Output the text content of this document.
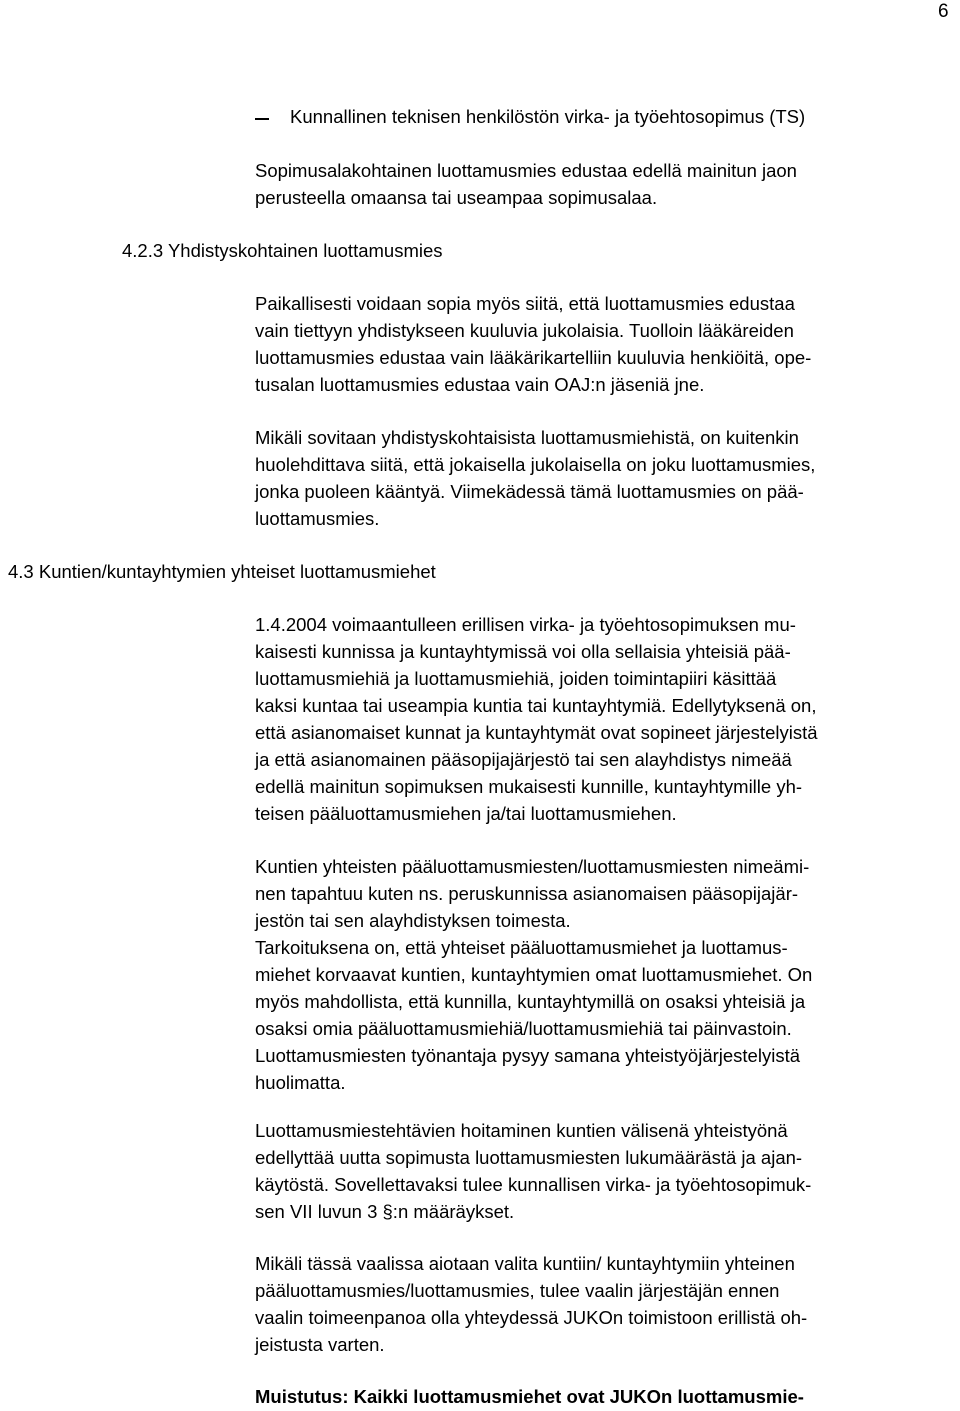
6

Kunnallinen teknisen henkilöstön virka- ja työehtosopimus (TS)

Sopimusalakohtainen luottamusmies edustaa edellä mainitun jaon

perusteella omaansa tai useampaa sopimusalaa.

4.2.3 Yhdistyskohtainen luottamusmies

Paikallisesti voidaan sopia myös siitä, että luottamusmies edustaa

vain tiettyyn yhdistykseen kuuluvia jukolaisia. Tuolloin lääkäreiden

luottamusmies edustaa vain lääkärikartelliin kuuluvia henkiöitä, ope-

tusalan luottamusmies edustaa vain OAJ:n jäseniä jne.

Mikäli sovitaan yhdistyskohtaisista luottamusmiehistä, on kuitenkin

huolehdittava siitä, että jokaisella jukolaisella on joku luottamusmies,

jonka puoleen kääntyä. Viimekädessä tämä luottamusmies on pää-

luottamusmies.

4.3 Kuntien/kuntayhtymien yhteiset luottamusmiehet

1.4.2004 voimaantulleen erillisen virka- ja työehtosopimuksen mu-

kaisesti kunnissa ja kuntayhtymissä voi olla sellaisia yhteisiä pää-

luottamusmiehiä ja luottamusmiehiä, joiden toimintapiiri käsittää

kaksi kuntaa tai useampia kuntia tai kuntayhtymiä. Edellytyksenä on,

että asianomaiset kunnat ja kuntayhtymät ovat sopineet järjestelyistä

ja että asianomainen pääsopijajärjestö tai sen alayhdistys nimeää

edellä mainitun sopimuksen mukaisesti kunnille, kuntayhtymille yh-

teisen pääluottamusmiehen ja/tai luottamusmiehen.

Kuntien yhteisten pääluottamusmiesten/luottamusmiesten nimeämi-

nen tapahtuu kuten ns. peruskunnissa asianomaisen pääsopijajär-

jestön tai sen alayhdistyksen toimesta.

Tarkoituksena on, että yhteiset pääluottamusmiehet ja luottamus-

miehet korvaavat kuntien, kuntayhtymien omat luottamusmiehet. On

myös mahdollista, että kunnilla, kuntayhtymillä on osaksi yhteisiä ja

osaksi omia pääluottamusmiehiä/luottamusmiehiä tai päinvastoin.

Luottamusmiesten työnantaja pysyy samana yhteistyöjärjestelyistä

huolimatta.

Luottamusmiestehtävien hoitaminen kuntien välisenä yhteistyönä

edellyttää uutta sopimusta luottamusmiesten lukumäärästä ja ajan-

käytöstä. Sovellettavaksi tulee kunnallisen virka- ja työehtosopimuk-

sen VII luvun 3 §:n määräykset.

Mikäli tässä vaalissa aiotaan valita kuntiin/ kuntayhtymiin yhteinen

pääluottamusmies/luottamusmies, tulee vaalin järjestäjän ennen

vaalin toimeenpanoa olla yhteydessä JUKOn toimistoon erillistä oh-

jeistusta varten.

Muistutus: Kaikki luottamusmiehet ovat JUKOn luottamusmie-
